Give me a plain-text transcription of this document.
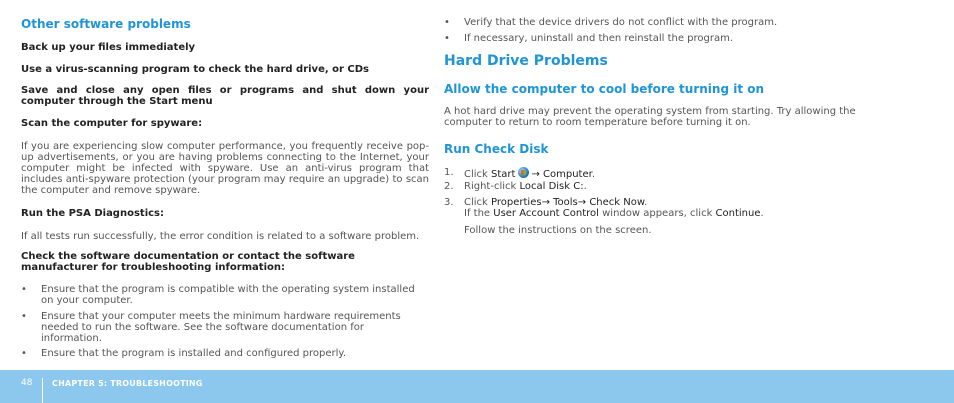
Other software problems

Back up your files immediately

Use a virus-scanning program to check the hard drive, or CDs

Save and close any open files or programs and shut down your computer through the Start menu

Scan the computer for spyware:

If you are experiencing slow computer performance, you frequently receive pop-up advertisements, or you are having problems connecting to the Internet, your computer might be infected with spyware. Use an anti-virus program that includes anti-spyware protection (your program may require an upgrade) to scan the computer and remove spyware.

Run the PSA Diagnostics:

If all tests run successfully, the error condition is related to a software problem.

Check the software documentation or contact the software manufacturer for troubleshooting information:

• Ensure that the program is compatible with the operating system installed on your computer.
• Ensure that your computer meets the minimum hardware requirements needed to run the software. See the software documentation for information.
• Ensure that the program is installed and configured properly.
• Verify that the device drivers do not conflict with the program.
• If necessary, uninstall and then reinstall the program.
Hard Drive Problems
Allow the computer to cool before turning it on

A hot hard drive may prevent the operating system from starting. Try allowing the computer to return to room temperature before turning it on.

Run Check Disk
1. Click Start → Computer.
2. Right-click Local Disk C:.
3. Click Properties→ Tools→ Check Now.
If the User Account Control window appears, click Continue.
Follow the instructions on the screen.
48 CHAPTER 5: TROUBLESHOOTING
